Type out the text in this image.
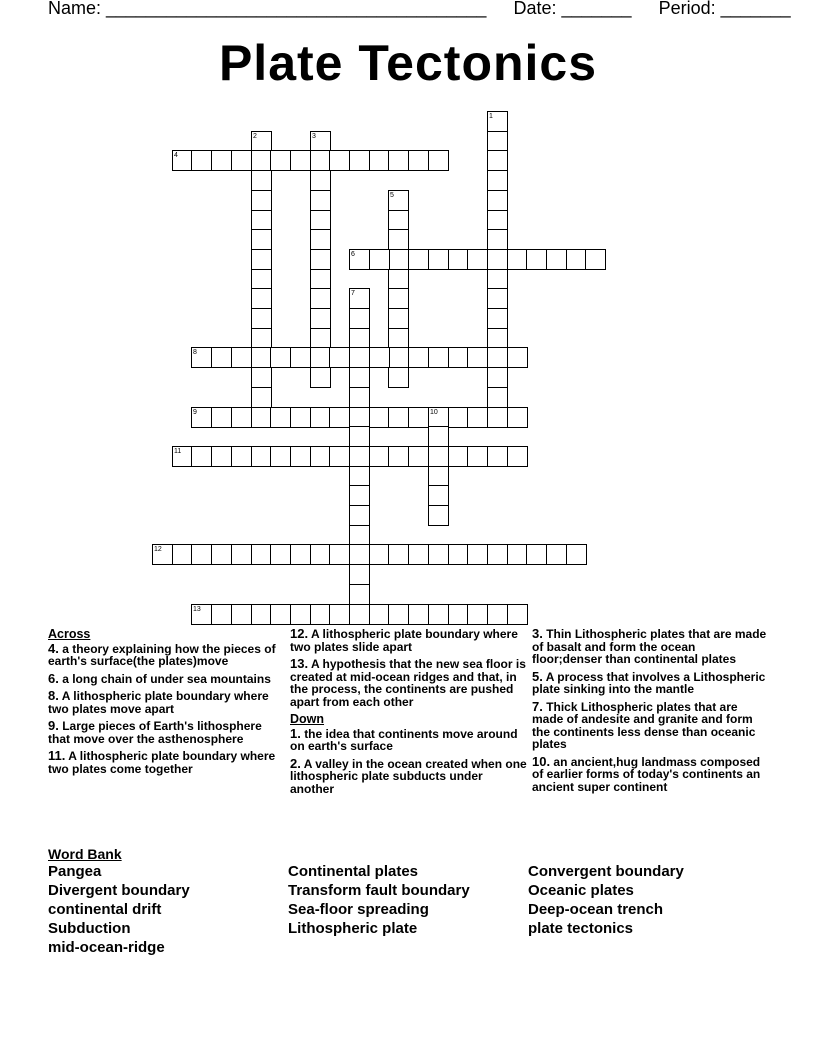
Name: ______________________________________ Date: _______ Period: _______
Plate Tectonics
1
2	3
4
5
6
7
8
9	10
11
12
13
Across
4. a theory explaining how the pieces of earth's surface(the plates)move
6. a long chain of under sea mountains
8. A lithospheric plate boundary where two plates move apart
9. Large pieces of Earth's lithosphere that move over the asthenosphere
11. A lithospheric plate boundary where two plates come together
12. A lithospheric plate boundary where two plates slide apart
13. A hypothesis that the new sea floor is created at mid-ocean ridges and that, in the process, the continents are pushed apart from each other
Down
1. the idea that continents move around on earth's surface
2. A valley in the ocean created when one lithospheric plate subducts under another
3. Thin Lithospheric plates that are made of basalt and form the ocean floor;denser than continental plates
5. A process that involves a Lithospheric plate sinking into the mantle
7. Thick Lithospheric plates that are made of andesite and granite and form the continents less dense than oceanic plates
10. an ancient,hug landmass composed of earlier forms of today's continents an ancient super continent
Word Bank
Pangea
Divergent boundary
continental drift
Subduction
mid-ocean-ridge
Continental plates
Transform fault boundary
Sea-floor spreading
Lithospheric plate
Convergent boundary
Oceanic plates
Deep-ocean trench
plate tectonics
